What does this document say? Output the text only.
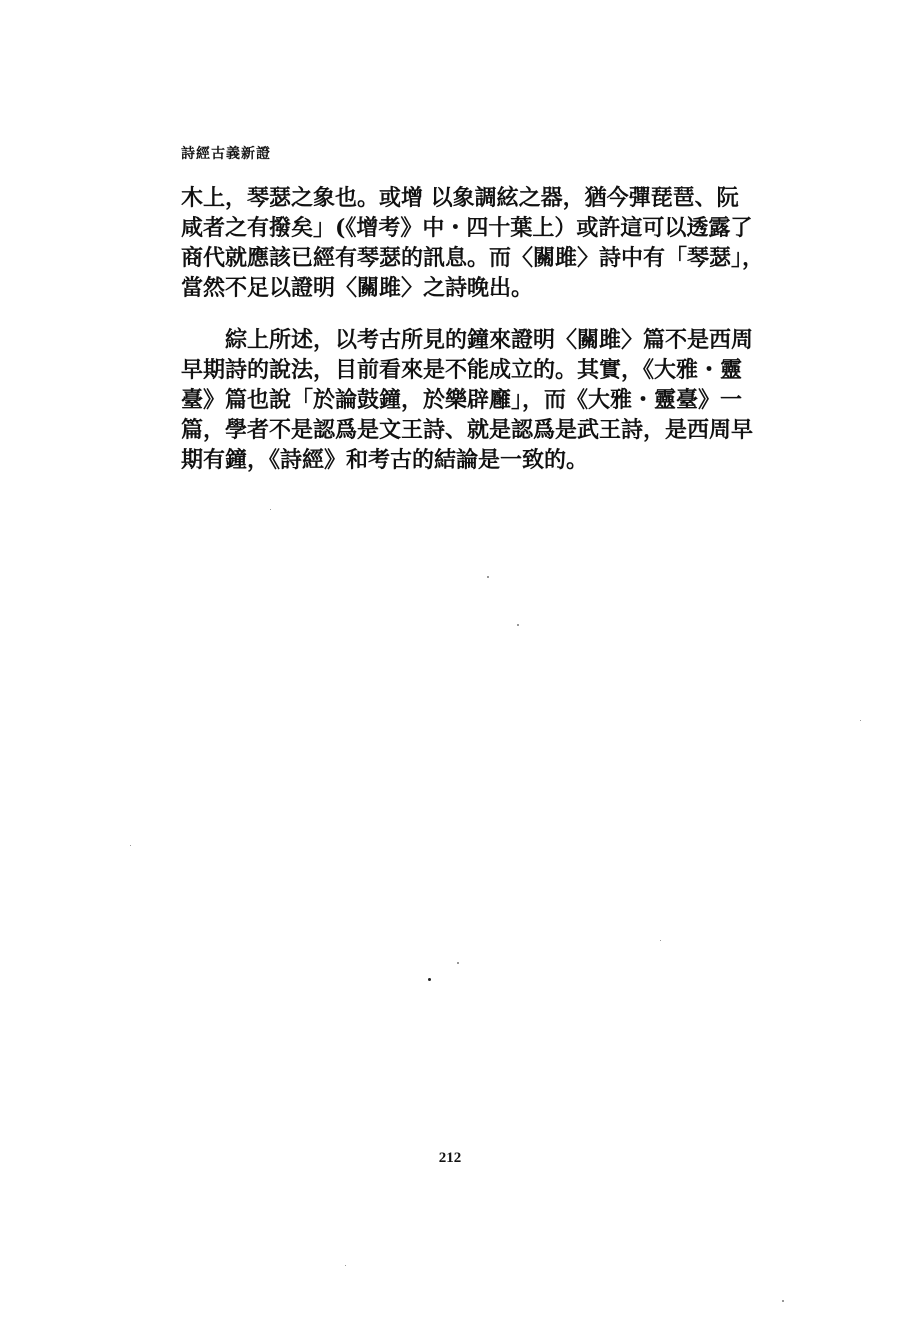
詩經古義新證
木上，琴瑟之象也。或增 以象調絃之器，猶今彈琵琶、阮
咸者之有撥矣」(《增考》中・四十葉上）或許這可以透露了
商代就應該已經有琴瑟的訊息。而〈關雎〉詩中有「琴瑟」，
當然不足以證明〈關雎〉之詩晚出。
綜上所述，以考古所見的鐘來證明〈關雎〉篇不是西周
早期詩的說法，目前看來是不能成立的。其實，《大雅・靈
臺》篇也說「於論鼓鐘，於樂辟廱」，而《大雅・靈臺》一
篇，學者不是認爲是文王詩、就是認爲是武王詩，是西周早
期有鐘，《詩經》和考古的結論是一致的。
212
